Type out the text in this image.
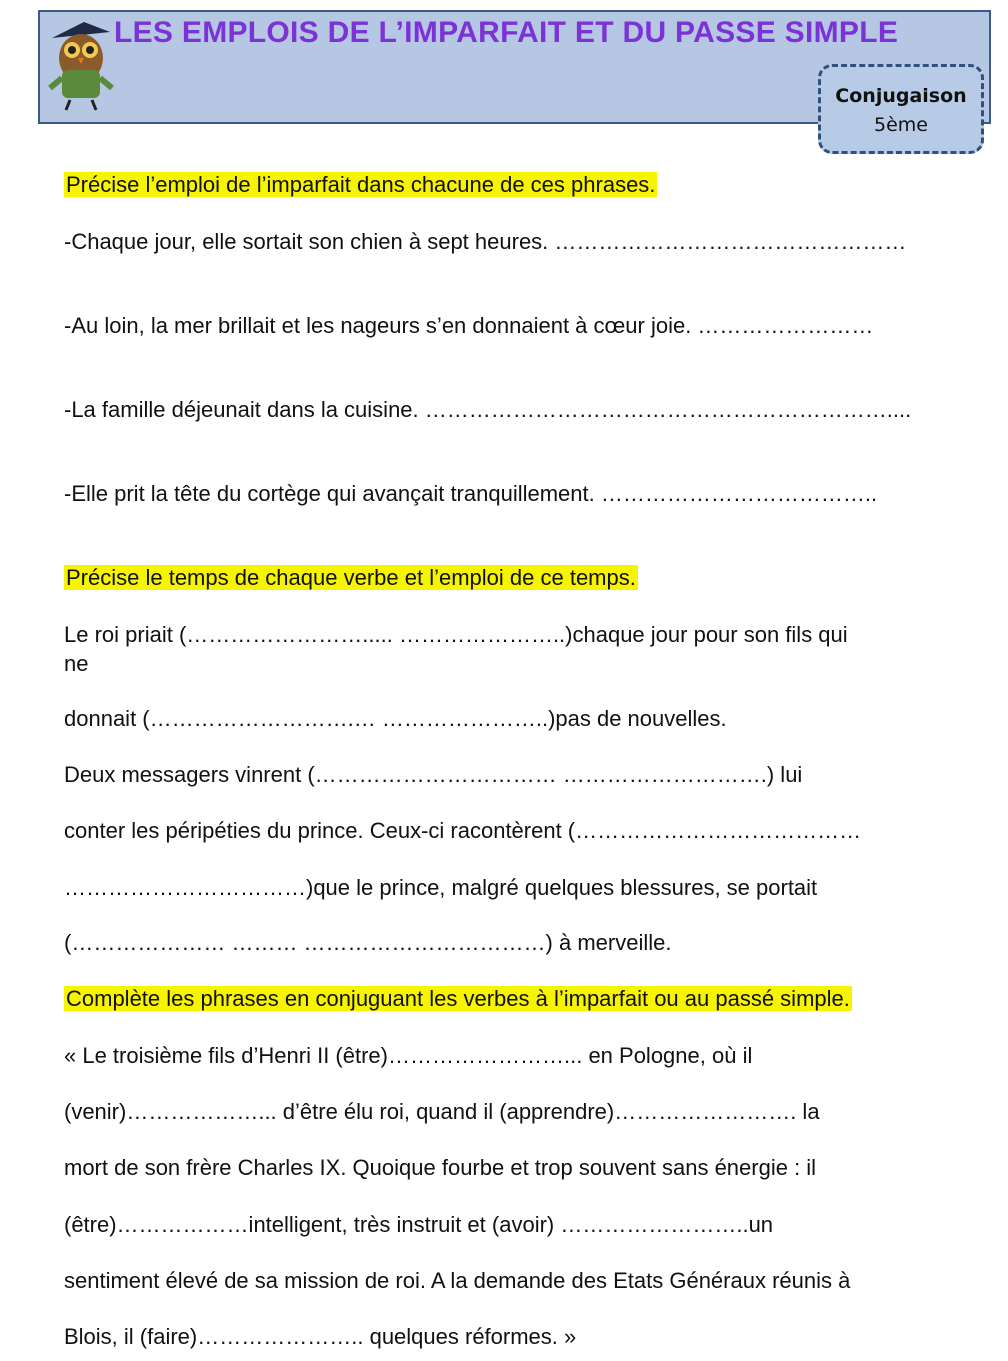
LES EMPLOIS DE L’IMPARFAIT ET DU PASSE SIMPLE
Conjugaison
5ème
Précise l’emploi de l’imparfait dans chacune de ces phrases.
-Chaque jour, elle sortait son chien à sept heures. …………………………………………
-Au loin, la mer brillait et les nageurs s’en donnaient à cœur joie. ……………………
-La famille déjeunait dans la cuisine. ………………………………………………………....
-Elle prit la tête du cortège qui avançait tranquillement. ………………………………..
Précise le temps de chaque verbe et l’emploi de ce temps.
Le roi priait (……………………..... …………………..)chaque jour pour son fils qui
ne
donnait (……………………….… …………………..)pas de nouvelles.
Deux messagers vinrent (…………………………… ……………………….) lui
conter les péripéties du prince. Ceux-ci racontèrent (…………………………………
……………………………)que le prince, malgré quelques blessures, se portait
(………………… ……… ……………………………) à merveille.
Complète les phrases en conjuguant les verbes à l’imparfait ou au passé simple.
« Le troisième fils d’Henri II (être)……………………... en Pologne, où il
(venir)………………... d’être élu roi, quand il (apprendre)……………………. la
mort de son frère Charles IX. Quoique fourbe et trop souvent sans énergie : il
(être)………………intelligent, très instruit et (avoir) ……………………..un
sentiment élevé de sa mission de roi. A la demande des Etats Généraux réunis à
Blois, il (faire)………………….. quelques réformes. »
